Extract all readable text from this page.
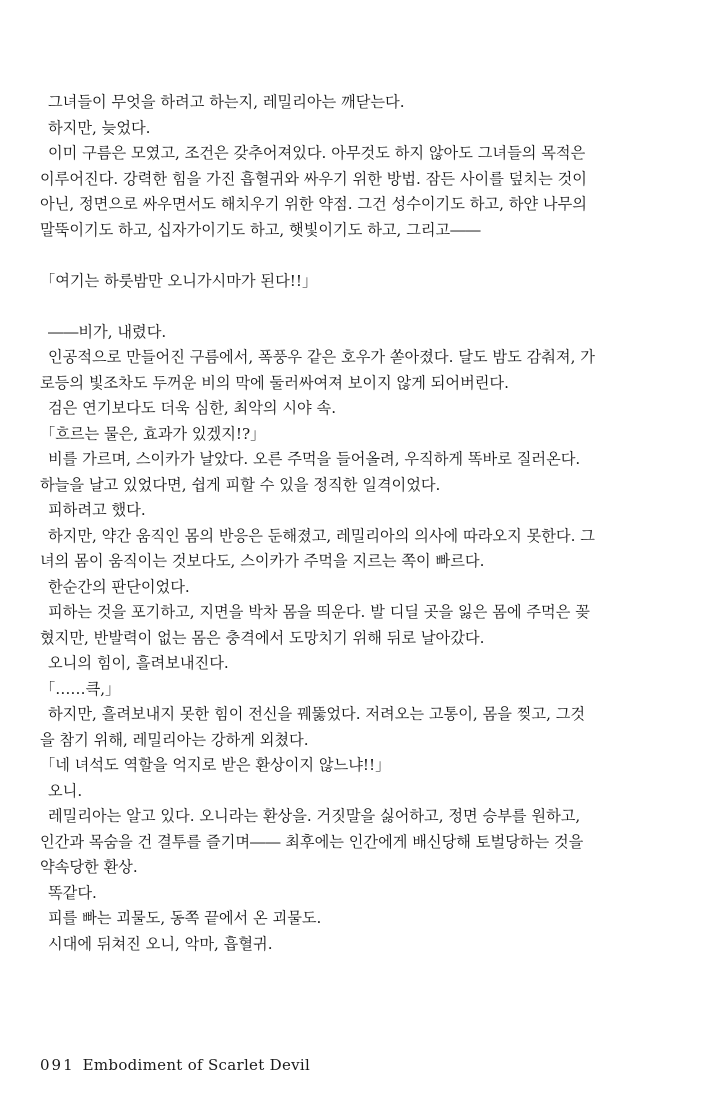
그녀들이 무엇을 하려고 하는지, 레밀리아는 깨닫는다.
하지만, 늦었다.
이미 구름은 모였고, 조건은 갖추어져있다. 아무것도 하지 않아도 그녀들의 목적은
이루어진다. 강력한 힘을 가진 흡혈귀와 싸우기 위한 방법. 잠든 사이를 덮치는 것이
아닌, 정면으로 싸우면서도 해치우기 위한 약점. 그건 성수이기도 하고, 하얀 나무의
말뚝이기도 하고, 십자가이기도 하고, 햇빛이기도 하고, 그리고――
「여기는 하룻밤만 오니가시마가 된다!!」
――비가, 내렸다.
인공적으로 만들어진 구름에서, 폭풍우 같은 호우가 쏟아졌다. 달도 밤도 감춰져, 가
로등의 빛조차도 두꺼운 비의 막에 둘러싸여져 보이지 않게 되어버린다.
검은 연기보다도 더욱 심한, 최악의 시야 속.
「흐르는 물은, 효과가 있겠지!?」
비를 가르며, 스이카가 날았다. 오른 주먹을 들어올려, 우직하게 똑바로 질러온다.
하늘을 날고 있었다면, 쉽게 피할 수 있을 정직한 일격이었다.
피하려고 했다.
하지만, 약간 움직인 몸의 반응은 둔해졌고, 레밀리아의 의사에 따라오지 못한다. 그
녀의 몸이 움직이는 것보다도, 스이카가 주먹을 지르는 쪽이 빠르다.
한순간의 판단이었다.
피하는 것을 포기하고, 지면을 박차 몸을 띄운다. 발 디딜 곳을 잃은 몸에 주먹은 꽂
혔지만, 반발력이 없는 몸은 충격에서 도망치기 위해 뒤로 날아갔다.
오니의 힘이, 흘려보내진다.
「……큭,」
하지만, 흘려보내지 못한 힘이 전신을 꿰뚫었다. 저려오는 고통이, 몸을 찢고, 그것
을 참기 위해, 레밀리아는 강하게 외쳤다.
「네 녀석도 역할을 억지로 받은 환상이지 않느냐!!」
오니.
레밀리아는 알고 있다. 오니라는 환상을. 거짓말을 싫어하고, 정면 승부를 원하고,
인간과 목숨을 건 결투를 즐기며―― 최후에는 인간에게 배신당해 토벌당하는 것을
약속당한 환상.
똑같다.
피를 빠는 괴물도, 동쪽 끝에서 온 괴물도.
시대에 뒤쳐진 오니, 악마, 흡혈귀.
091 Embodiment of Scarlet Devil
